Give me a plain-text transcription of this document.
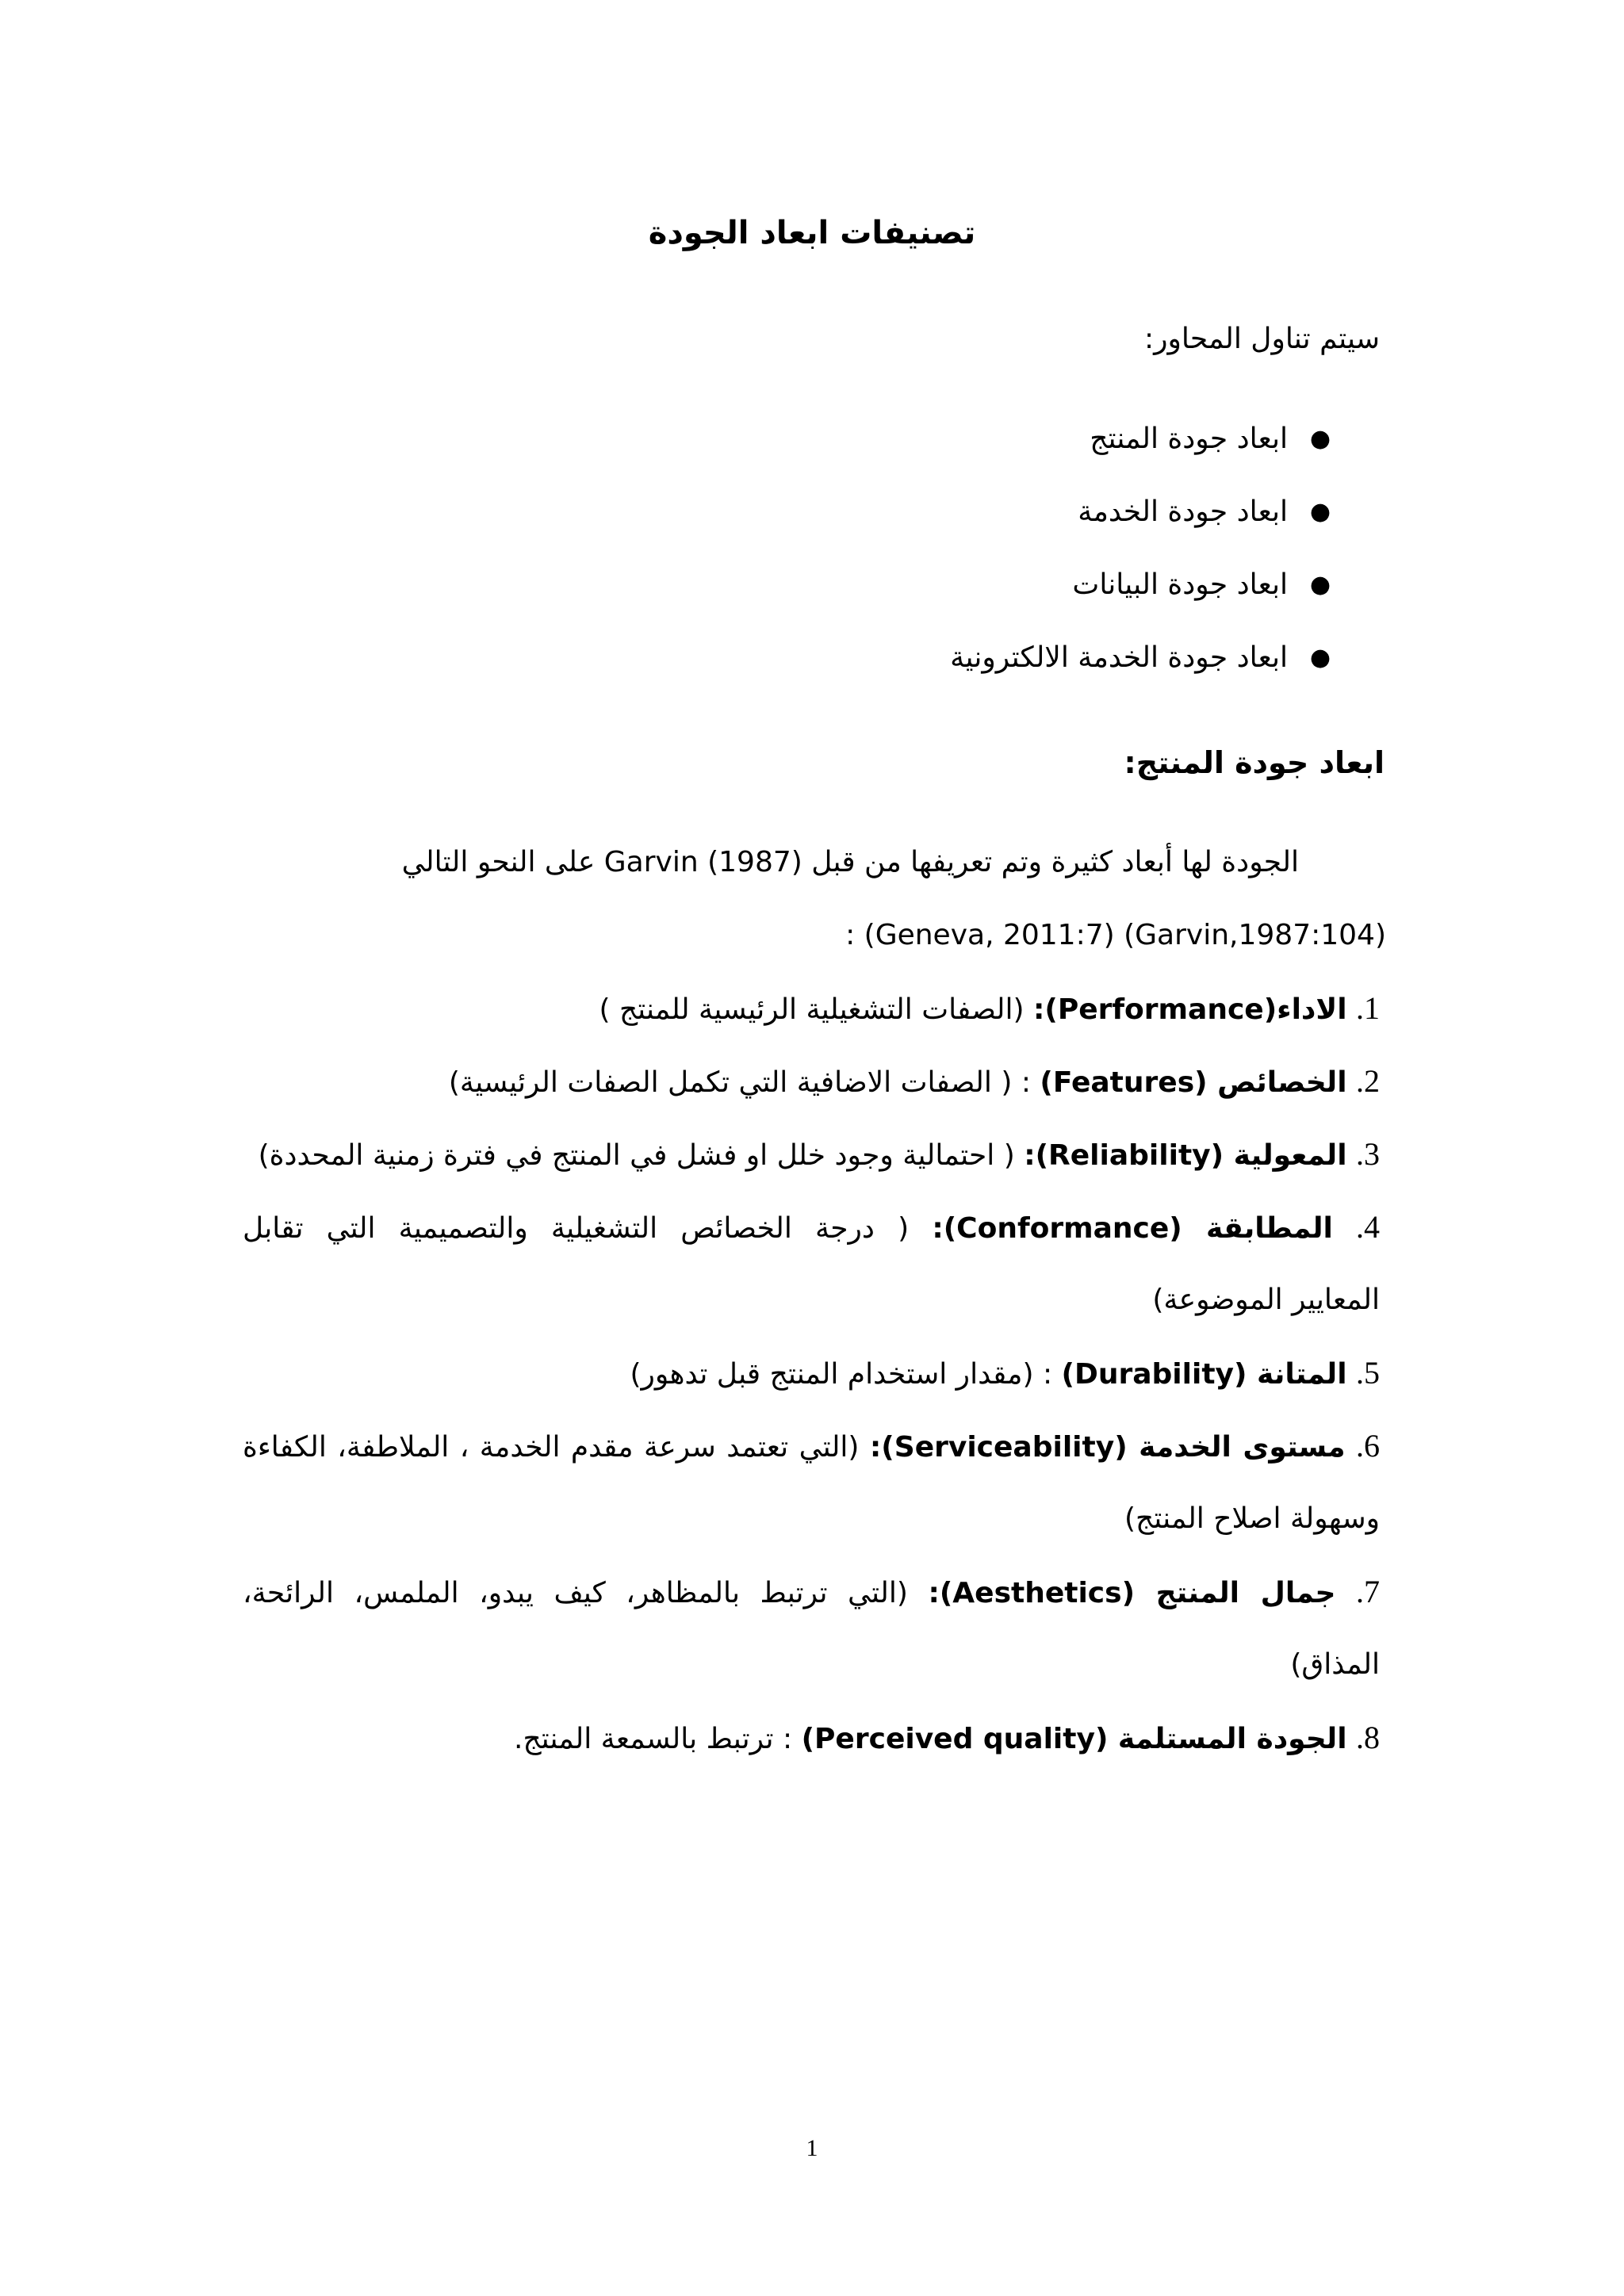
تصنيفات ابعاد الجودة
سيتم تناول المحاور:
●
ابعاد جودة المنتج
●
ابعاد جودة الخدمة
●
ابعاد جودة البيانات
●
ابعاد جودة الخدمة الالكترونية
ابعاد جودة المنتج:
الجودة لها أبعاد كثيرة وتم تعريفها من قبل Garvin (1987) على النحو التالي
(Garvin,1987:104) (Geneva, 2011:7) :
1. الاداء(Performance): (الصفات التشغيلية الرئيسية للمنتج )
2. الخصائص (Features) : ( الصفات الاضافية التي تكمل الصفات الرئيسية)
3. المعولية (Reliability): ( احتمالية وجود خلل او فشل في المنتج في فترة زمنية المحددة)
4. المطابقة (Conformance): ( درجة الخصائص التشغيلية والتصميمية التي تقابل
المعايير الموضوعة)
5. المتانة (Durability) : (مقدار استخدام المنتج قبل تدهور)
6. مستوى الخدمة (Serviceability): (التي تعتمد سرعة مقدم الخدمة ، الملاطفة، الكفاءة
وسهولة اصلاح المنتج)
7. جمال المنتج (Aesthetics): (التي ترتبط بالمظاهر، كيف يبدو، الملمس، الرائحة،
المذاق)
8. الجودة المستلمة (Perceived quality) : ترتبط بالسمعة المنتج.
1
